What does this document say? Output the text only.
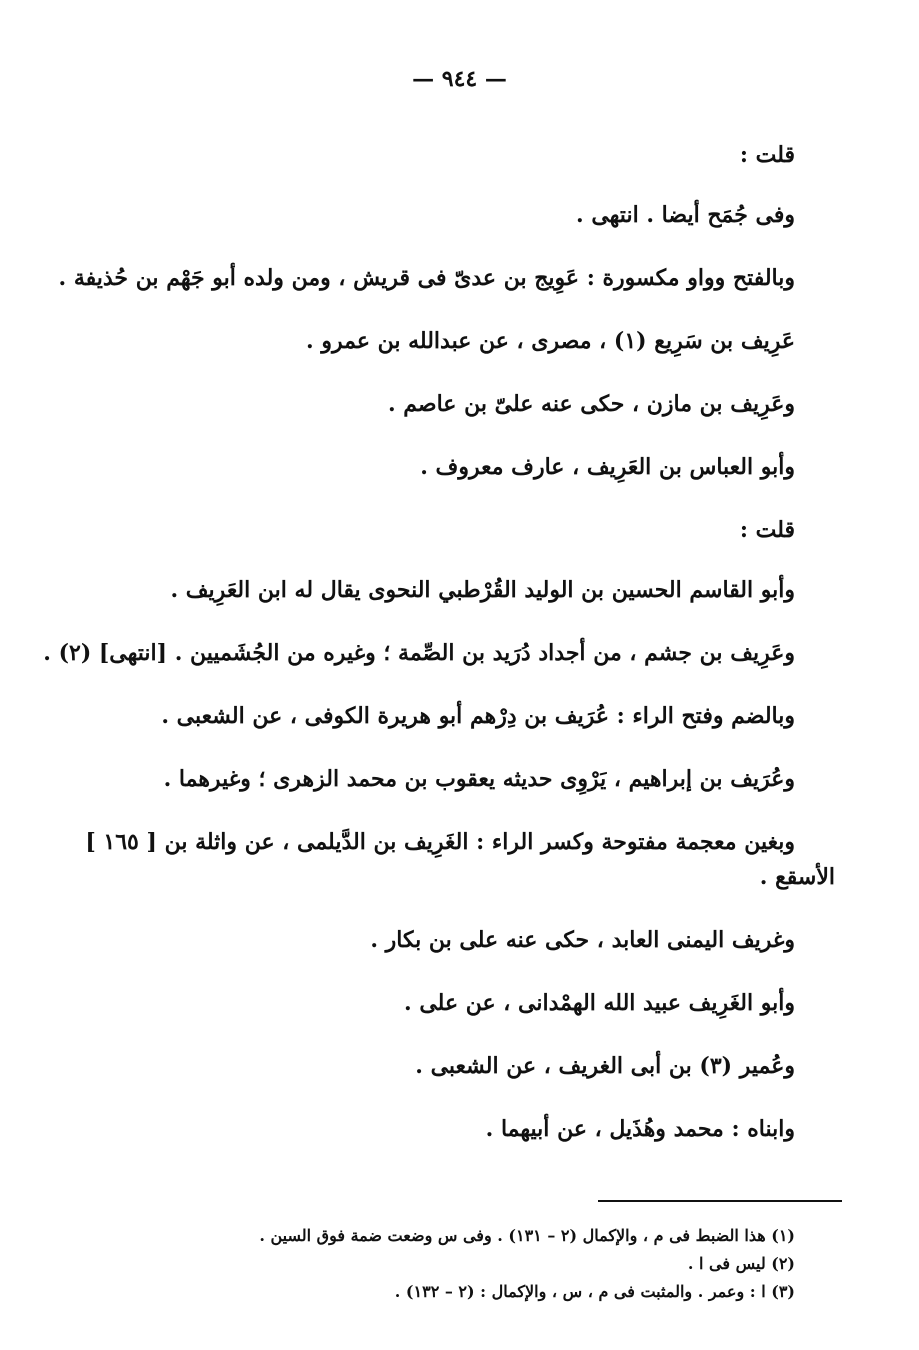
— ٩٤٤ —
قلت :
وفى جُمَح أيضا . انتهى .
وبالفتح وواو مكسورة : عَوِيج بن عدىّ فى قريش ، ومن ولده أبو جَهْم بن حُذيفة .
عَرِيف بن سَرِيع (١) ، مصرى ، عن عبدالله بن عمرو .
وعَرِيف بن مازن ، حكى عنه علىّ بن عاصم .
وأبو العباس بن العَرِيف ، عارف معروف .
قلت :
وأبو القاسم الحسين بن الوليد القُرْطبي النحوى يقال له ابن العَرِيف .
وعَرِيف بن جشم ، من أجداد دُرَيد بن الصِّمة ؛ وغيره من الجُشَميين . [انتهى] (٢) .
وبالضم وفتح الراء : عُرَيف بن دِرْهم أبو هريرة الكوفى ، عن الشعبى .
وعُرَيف بن إبراهيم ، يَرْوِى حديثه يعقوب بن محمد الزهرى ؛ وغيرهما .
وبغين معجمة مفتوحة وكسر الراء : الغَرِيف بن الدَّيلمى ، عن واثلة بن [ ١٦٥ ]
الأسقع .
وغريف اليمنى العابد ، حكى عنه على بن بكار .
وأبو الغَرِيف عبيد الله الهمْدانى ، عن على .
وعُمير (٣) بن أبى الغريف ، عن الشعبى .
وابناه : محمد وهُذَيل ، عن أبيهما .
(١) هذا الضبط فى م ، والإكمال (٢ – ١٣١) . وفى س وضعت ضمة فوق السين .
(٢) ليس فى ا .
(٣) ا : وعمر . والمثبت فى م ، س ، والإكمال : (٢ – ١٣٢) .
